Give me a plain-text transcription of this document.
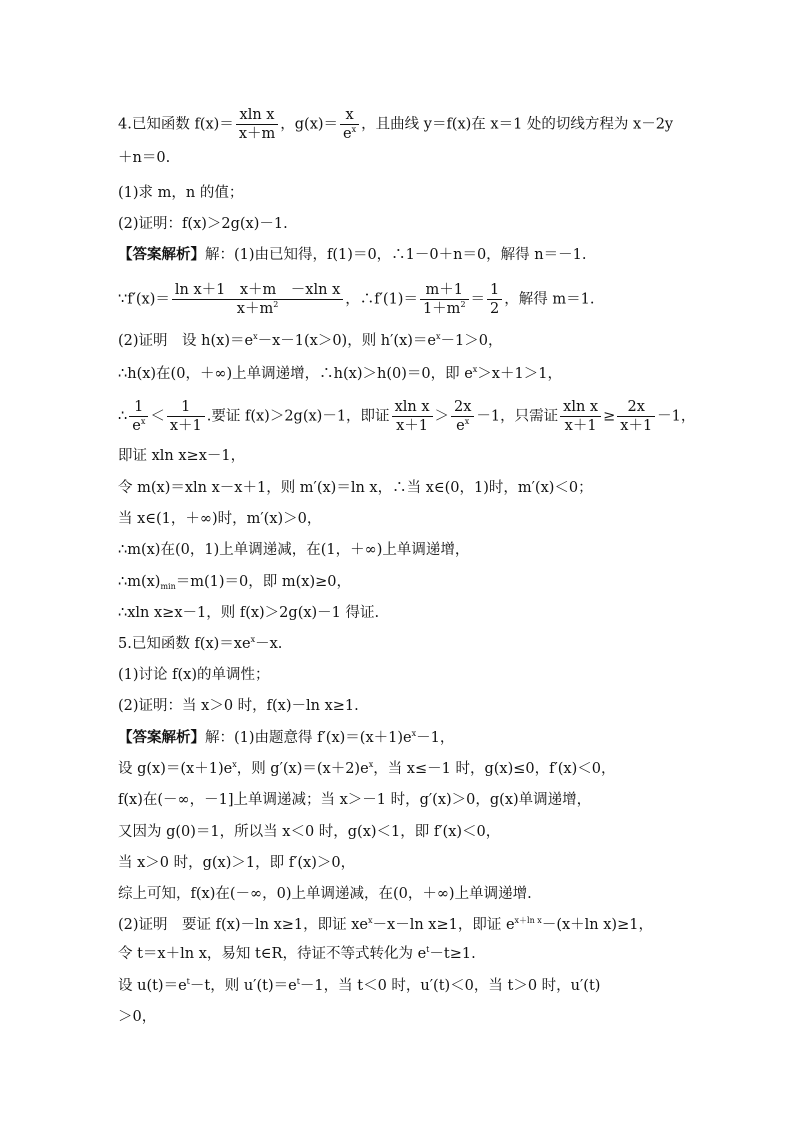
4.已知函数 $f(x)= \frac{\text{xln x}}{x+m}$ ，$g(x)= \frac{x}{e^x}$ ，且曲线 y＝f(x)在 x＝1 处的切线方程为 x－2y
＋n＝0.
(1)求 m，n 的值；
(2)证明：f(x)＞2g(x)－1.
【答案解析】解：(1)由已知得，f(1)＝0，∴1－0＋n＝0，解得 n＝－1.
∵f′(x)＝ $\frac{\text{ln x＋1　x＋m　－xln x}}{x+m^2}$ ，∴f′(1)＝ $\frac{m+1}{1+m^2} = \frac{1}{2}$ ，解得 m＝1.
(2)证明　设 $h(x)=e^x-x-1(x>0)$，则 $h'(x)=e^x-1>0$，
∴h(x)在(0，＋∞)上单调递增，∴h(x)＞h(0)＝0，即 $e^x>x+1>1$，
∴ $\frac{1}{e^x} < \frac{1}{x+1}$ .要证 f(x)＞2g(x)－1，即证 $\frac{\text{xln x}}{x+1} > \frac{2x}{e^x} -1$，只需证 $\frac{\text{xln x}}{x+1} \ge \frac{2x}{x+1} -1$，
即证 xln x≥x－1，
令 m(x)＝xln x－x＋1，则 m′(x)＝ln x，∴当 x∈(0，1)时，m′(x)＜0；
当 x∈(1，＋∞)时，m′(x)＞0，
∴m(x)在(0，1)上单调递减，在(1，＋∞)上单调递增，
$\therefore m(x)_{min}=m(1)=0$，即 m(x)≥0，
∴xln x≥x－1，则 f(x)＞2g(x)－1 得证.
5.已知函数 $f(x)=xe^x-x$.
(1)讨论 f(x)的单调性；
(2)证明：当 x＞0 时，f(x)－ln x≥1.
【答案解析】解：(1)由题意得 $f'(x)=(x+1)e^x-1$，
设 $g(x)=(x+1)e^x$，则 $g'(x)=(x+2)e^x$，当 x≤－1 时，g(x)≤0，f′(x)＜0，
f(x)在(－∞，－1]上单调递减；当 x＞－1 时，g′(x)＞0，g(x)单调递增，
又因为 g(0)＝1，所以当 x＜0 时，g(x)＜1，即 f′(x)＜0，
当 x＞0 时，g(x)＞1，即 f′(x)＞0，
综上可知，f(x)在(－∞，0)上单调递减，在(0，＋∞)上单调递增.
(2)证明　要证 f(x)－ln x≥1，即证 $xe^x-x-\ln$ x≥1，即证 $e^{x+ln x}-(x+\ln$ x)≥1，
令 t＝x＋ln x，易知 t∈R，待证不等式转化为 $e^t-t\ge 1$.
设 $u(t)=e^t-t$，则 $u'(t)=e^t-1$，当 t＜0 时，u′(t)＜0，当 t＞0 时，u′(t)
＞0，
